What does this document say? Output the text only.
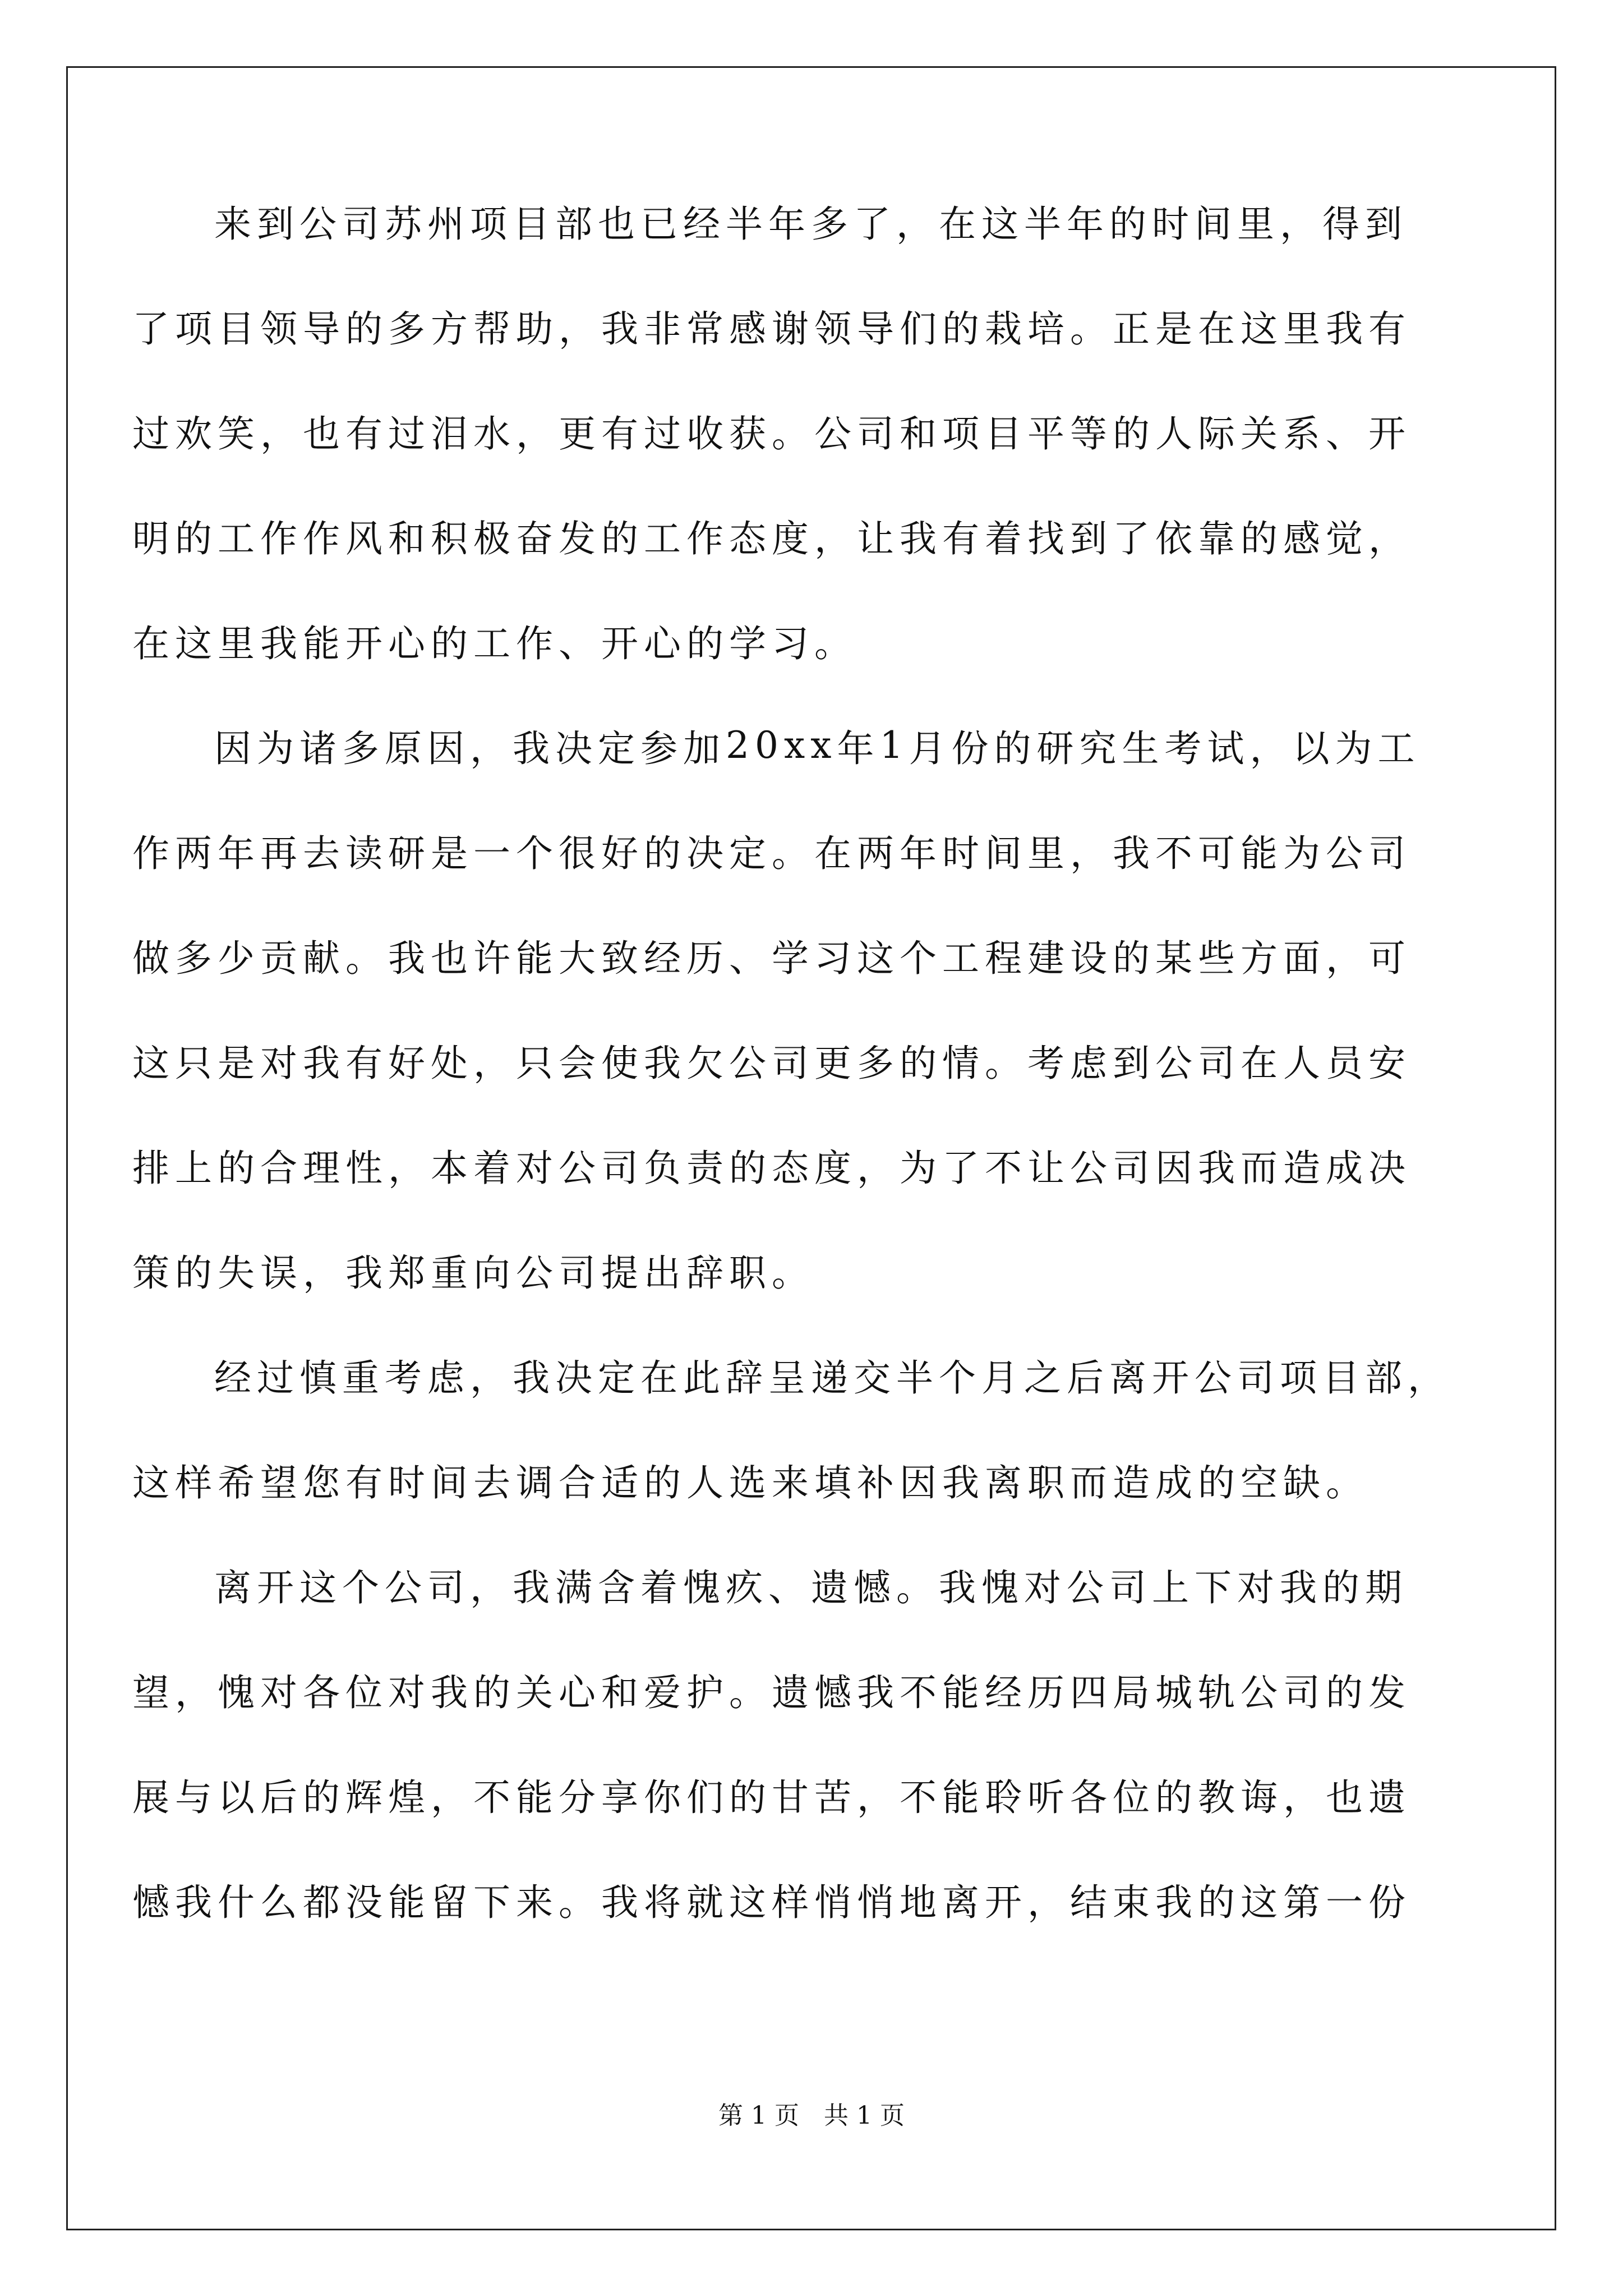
来 到 公 司 苏 州 项 目 部 也 已 经 半 年 多 了 ， 在 这 半 年 的 时 间 里 ， 得 到
了 项 目 领 导 的 多 方 帮 助 ， 我 非 常 感 谢 领 导 们 的 栽 培 。 正 是 在 这 里 我 有
过 欢 笑 ， 也 有 过 泪 水 ， 更 有 过 收 获 。 公 司 和 项 目 平 等 的 人 际 关 系 、 开
明 的 工 作 作 风 和 积 极 奋 发 的 工 作 态 度 ， 让 我 有 着 找 到 了 依 靠 的 感 觉 ，
在这里我能开心的工作、开心的学习。
因 为 诸 多 原 因 ， 我 决 定 参 加 20xx 年 1 月 份 的 研 究 生 考 试 ， 以 为 工
作 两 年 再 去 读 研 是 一 个 很 好 的 决 定 。 在 两 年 时 间 里 ， 我 不 可 能 为 公 司
做 多 少 贡 献 。 我 也 许 能 大 致 经 历 、 学 习 这 个 工 程 建 设 的 某 些 方 面 ， 可
这 只 是 对 我 有 好 处 ， 只 会 使 我 欠 公 司 更 多 的 情 。 考 虑 到 公 司 在 人 员 安
排 上 的 合 理 性 ， 本 着 对 公 司 负 责 的 态 度 ， 为 了 不 让 公 司 因 我 而 造 成 决
策的失误，我郑重向公司提出辞职。
经 过 慎 重 考 虑 ， 我 决 定 在 此 辞 呈 递 交 半 个 月 之 后 离 开 公 司 项 目 部 ，
这样希望您有时间去调合适的人选来填补因我离职而造成的空缺。
离 开 这 个 公 司 ， 我 满 含 着 愧 疚 、 遗 憾 。 我 愧 对 公 司 上 下 对 我 的 期
望 ， 愧 对 各 位 对 我 的 关 心 和 爱 护 。 遗 憾 我 不 能 经 历 四 局 城 轨 公 司 的 发
展 与 以 后 的 辉 煌 ， 不 能 分 享 你 们 的 甘 苦 ， 不 能 聆 听 各 位 的 教 诲 ， 也 遗
憾 我 什 么 都 没 能 留 下 来 。 我 将 就 这 样 悄 悄 地 离 开 ， 结 束 我 的 这 第 一 份
第 1 页 共 1 页
